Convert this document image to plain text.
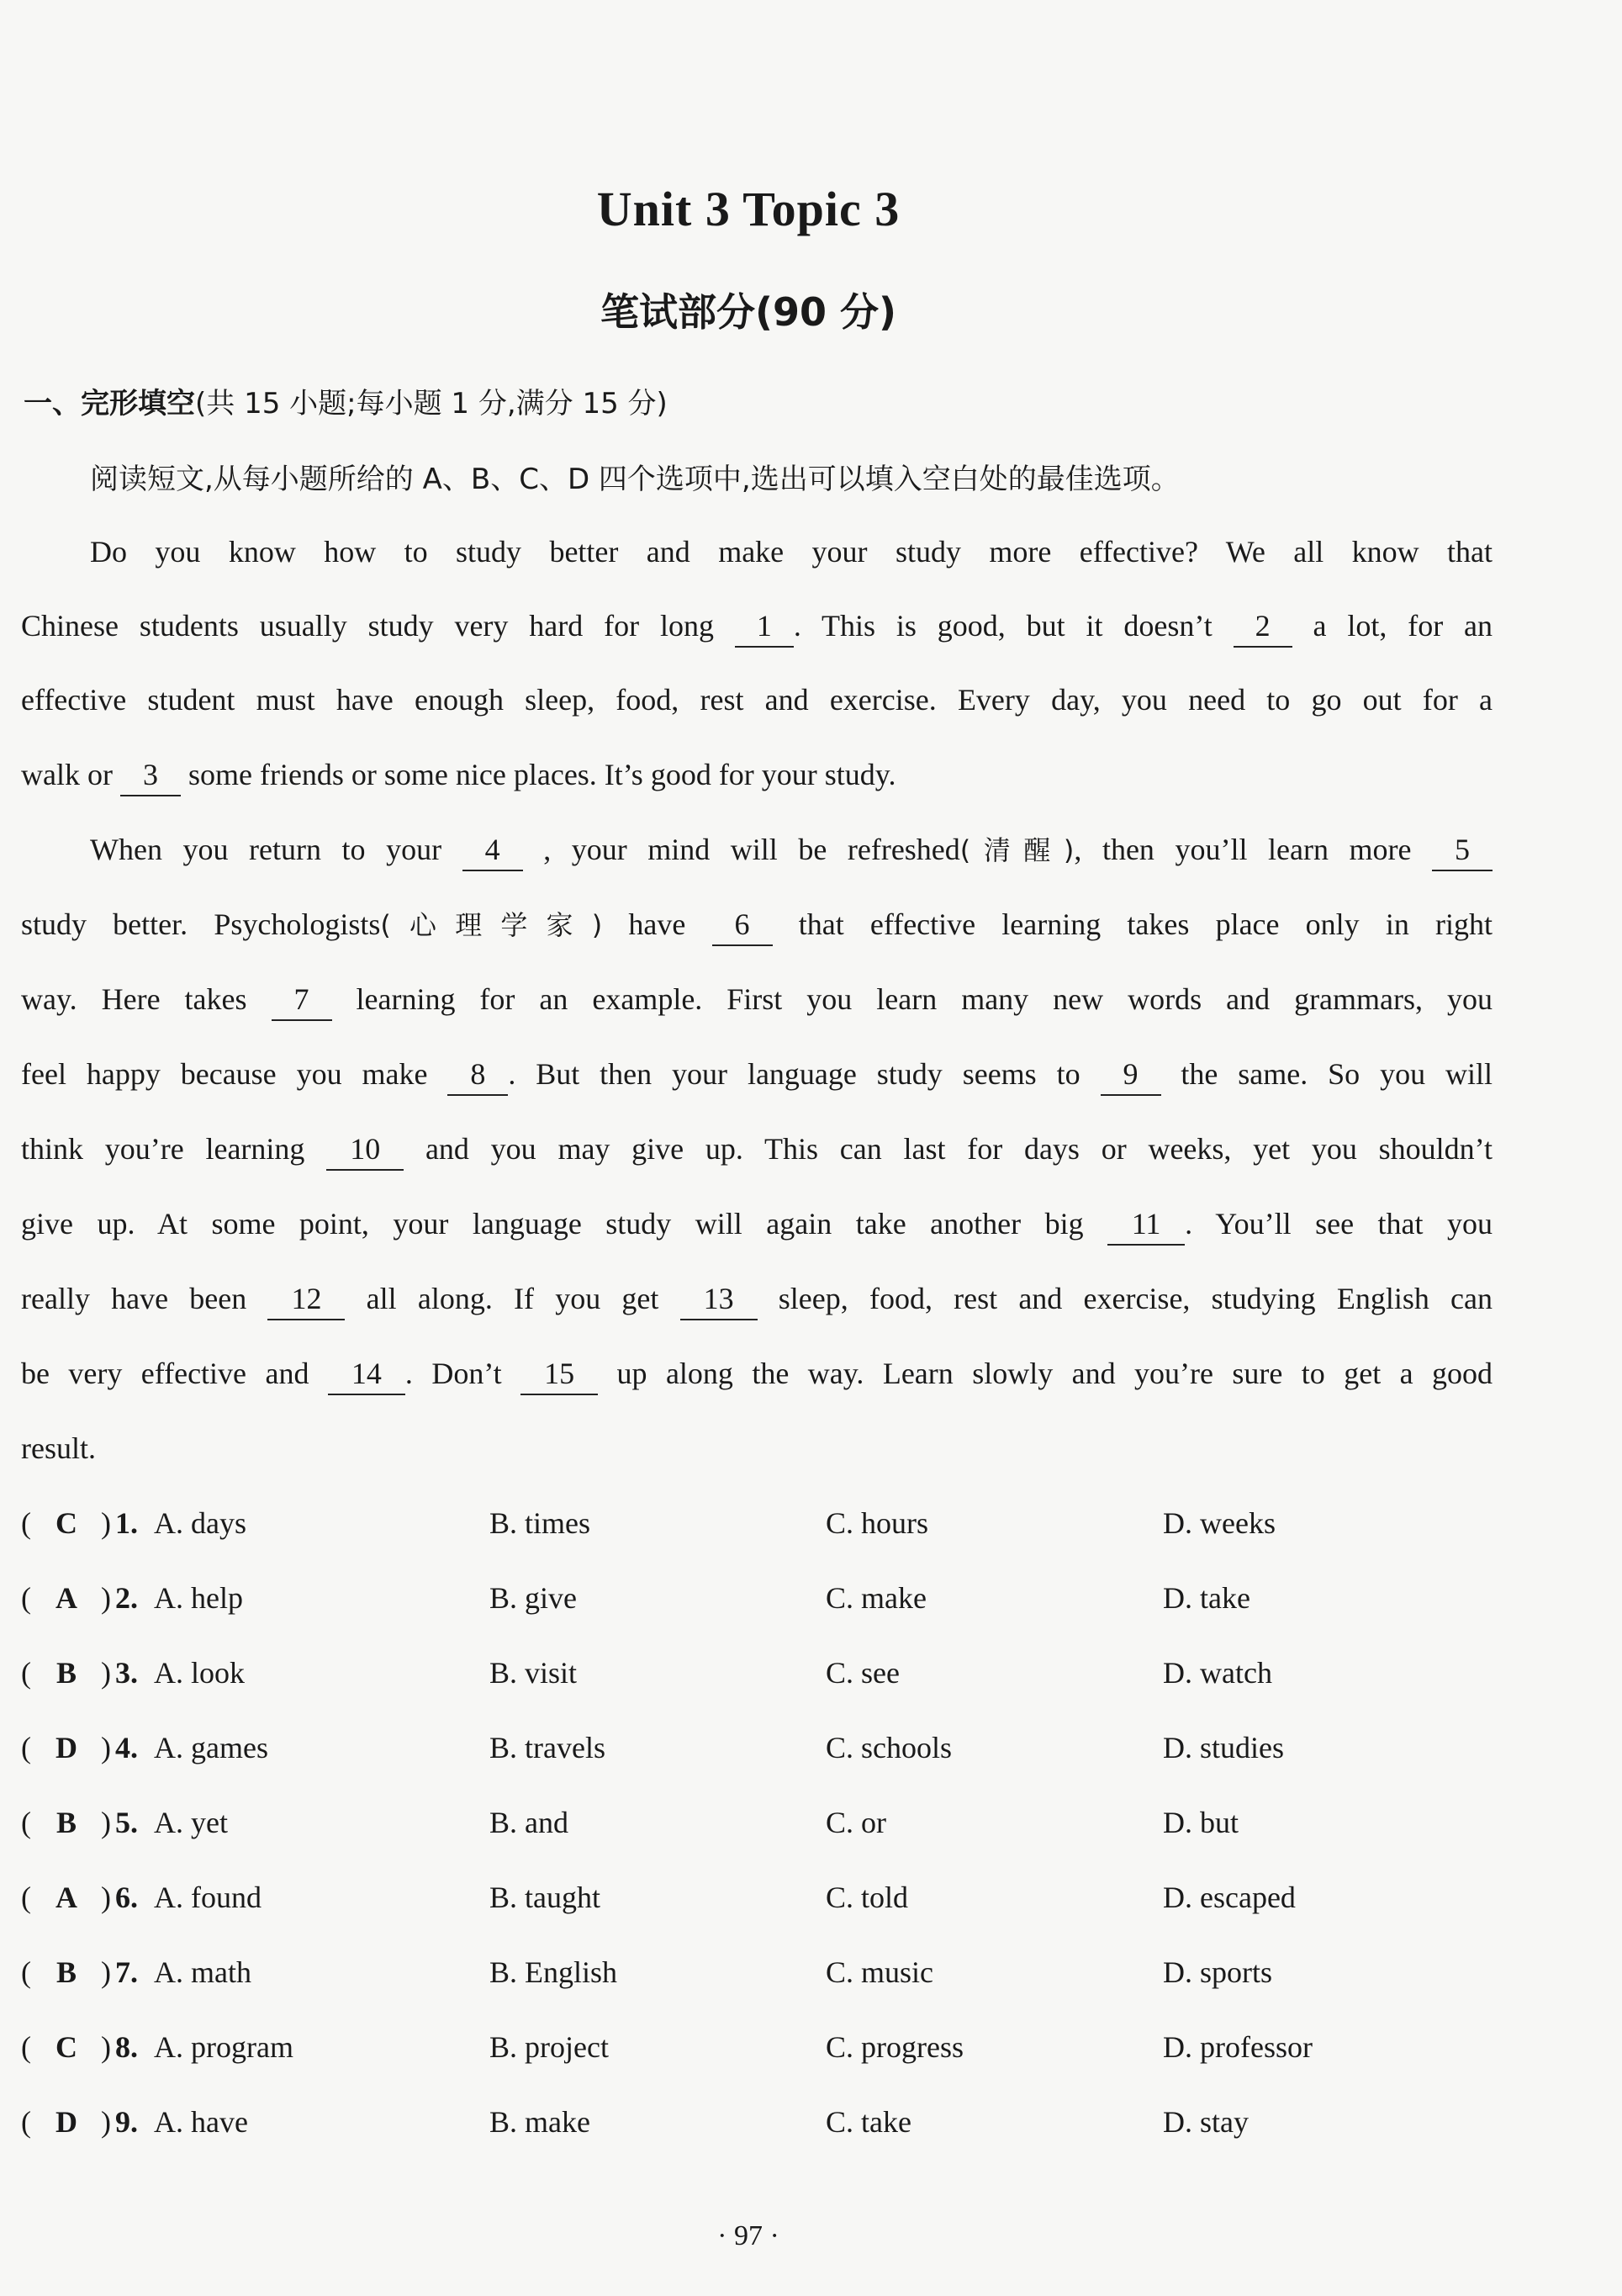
Unit 3 Topic 3
笔试部分(90 分)
一、完形填空(共 15 小题;每小题 1 分,满分 15 分)
阅读短文,从每小题所给的 A、B、C、D 四个选项中,选出可以填入空白处的最佳选项。
Do you know how to study better and make your study more effective? We all know that
Chinese students usually study very hard for long 1 . This is good, but it doesn’t 2 a lot, for an
effective student must have enough sleep, food, rest and exercise. Every day, you need to go out for a
walk or 3 some friends or some nice places. It’s good for your study.
When you return to your 4 , your mind will be refreshed(清醒), then you’ll learn more 5
study better. Psychologists(心理学家) have 6 that effective learning takes place only in right
way. Here takes 7 learning for an example. First you learn many new words and grammars, you
feel happy because you make 8 . But then your language study seems to 9 the same. So you will
think you’re learning 10 and you may give up. This can last for days or weeks, yet you shouldn’t
give up. At some point, your language study will again take another big 11 . You’ll see that you
really have been 12 all along. If you get 13 sleep, food, rest and exercise, studying English can
be very effective and 14 . Don’t 15 up along the way. Learn slowly and you’re sure to get a good
result.
( C ) 1. A. days	B. times	C. hours	D. weeks
( A ) 2. A. help	B. give	C. make	D. take
( B ) 3. A. look	B. visit	C. see	D. watch
( D ) 4. A. games	B. travels	C. schools	D. studies
( B ) 5. A. yet	B. and	C. or	D. but
( A ) 6. A. found	B. taught	C. told	D. escaped
( B ) 7. A. math	B. English	C. music	D. sports
( C ) 8. A. program	B. project	C. progress	D. professor
( D ) 9. A. have	B. make	C. take	D. stay
· 97 ·
